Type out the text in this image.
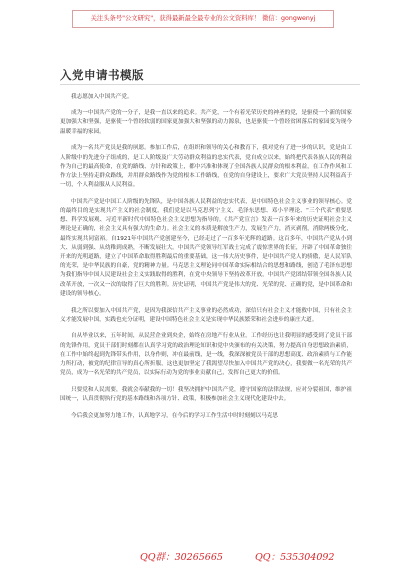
关注头条号"公文研究"，获得最新最全最专业的公文资料库！ 微信：gongwenyj
入党申请书模版

我志愿加入中国共产党。

成为一中国共产党的一分子，是我一直以来的追求。共产党，一个有着光荣历史的神圣的党，是驱使一个新的国家更加强大和坚强，是驱使一个曾经软弱的国家更加强大和坚强的动力源泉，也是驱使一个曾经贫困落后的家园变为现今温暖幸福的家园。

成为一名共产党员是我的夙愿。参加工作后，在组织和领导的关心和教育下，我对党有了进一步的认识，党是由工人阶级中的先进分子组成的，是工人阶级及广大劳动群众利益的忠实代表，党自成立以来，始终把代表各族人民的利益作为自己的最高使命，在党的路线、方针和政策上，都中兴准和体现了全国各族人民群众的根本利益，在工作作风和工作方法上坚持走群众路线，并用群众路线作为党的根本工作路线，在党的自身建设上，要求广大党员坚持人民利益高于一切，个人利益服从人民利益。

中国共产党是中国工人阶级的先锋队，是中国各族人民利益的忠实代表，是中国特色社会主义事业的领导核心。党的最终目的是实现共产主义的社会制度。我们党是以马克思列宁主义、毛泽东思想、邓小平理论、“三个代表”重要思想、科学发展观、习近平新时代中国特色社会主义思想为指导的。《共产党宣言》发表一百多年来的历史证明社会主义理论是正确的，社会主义具有强大的生命力。社会主义的本质是解放生产力，发展生产力，消灭剥削，消除两极分化，最终实现共同富裕。自1921年中国共产党创建至今，已经走过了一百多年光辉的道路。这百多年，中国共产党从小到大、从弱到强、从幼稚到成熟，不断发展壮大。中国共产党领导红军战士完成了震惊世界的长征，开辟了中国革命独往开来的光明道路，建立了中国革命取得胜利最后的重要基础，这一伟大历史事件，是中国共产党人的骄傲，是人民军队的光荣，是中华民族的自豪，党的精神力量。马克思主义理论同中国革命实际相结合的思想和路线，创造了毛泽东思想为我们指导中国人民建设社会主义实践取得的胜利，在党中央领导下坚持改革开放，中国共产党团结带领全国各族人民改革开放，一次又一次的取得了巨大的胜利。历史证明，中国共产党是伟大的党、光荣的党、正确的党，是中国革命和建设的领导核心。

我之所以要加入中国共产党，是因为我深信共产主义事业的必然成功，深信只有社会主义才能救中国，只有社会主义才能发展中国，实践也充分证明，建设中国特色社会主义是实现中华民族繁荣和社会进步的康庄大道。

自从毕业以来，五年时间，从民营企业到央企，始终在房地产行业从业。工作经历也让我明显的感受到了党员干部的先锋作用，党员干部们时刻都在认真学习党的政治理论知识和党中央颁布的有关决策，努力提高自身思想政治素质，在工作中始终起到先锋带头作用，以身作则，冲在最前线，是一线，我深深被党员干部的思想高度、政治素质与工作能力所打动，被党的纪律宣导的真心所折服，这也更加坚定了我渴望尽快加入中国共产党的决心，我要做一名光荣的共产党员，成为一名光荣的共产党员，以实际行动为党的事业贡献自己，发挥自己更大的价值。

只要党和人民需要，我就会奉献我的一切！我坚决拥护中国共产党，遵守国家的法律法规，应对分裂祖国，维护祖国统一，认真贯彻执行党的基本路线和各项方针、政策，积极参加社会主义现代化建设中去。

今后我会更加努力地工作，认真地学习，在今后的学习工作生活中时时刻刻以马克思

QQ群：30265665	QQ：535304092
